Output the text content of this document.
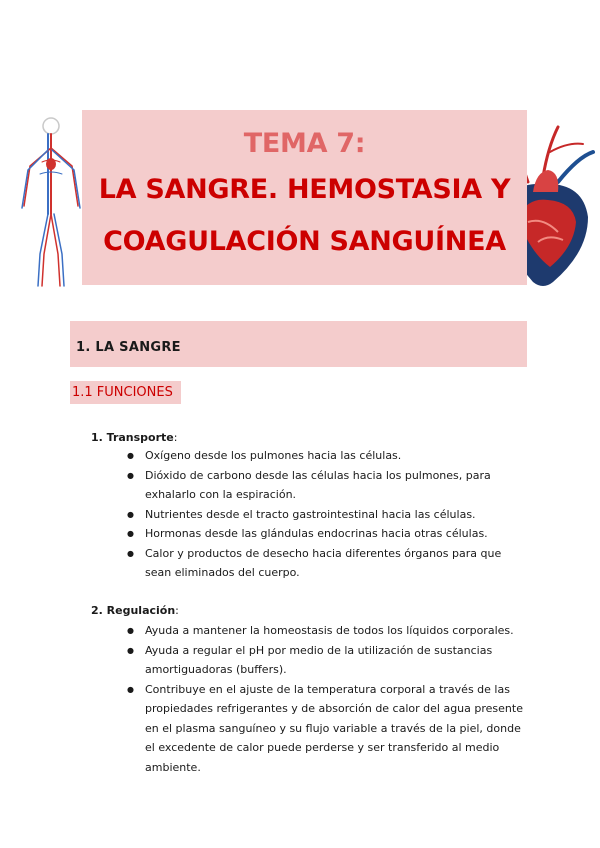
TEMA 7:
LA SANGRE. HEMOSTASIA Y
COAGULACIÓN SANGUÍNEA
1. LA SANGRE
1.1 FUNCIONES
1. Transporte:
● Oxígeno desde los pulmones hacia las células.
● Dióxido de carbono desde las células hacia los pulmones, para exhalarlo con la espiración.
● Nutrientes desde el tracto gastrointestinal hacia las células.
● Hormonas desde las glándulas endocrinas hacia otras células.
● Calor y productos de desecho hacia diferentes órganos para que sean eliminados del cuerpo.
2. Regulación:
● Ayuda a mantener la homeostasis de todos los líquidos corporales.
● Ayuda a regular el pH por medio de la utilización de sustancias amortiguadoras (buffers).
● Contribuye en el ajuste de la temperatura corporal a través de las propiedades refrigerantes y de absorción de calor del agua presente en el plasma sanguíneo y su flujo variable a través de la piel, donde el excedente de calor puede perderse y ser transferido al medio ambiente.
